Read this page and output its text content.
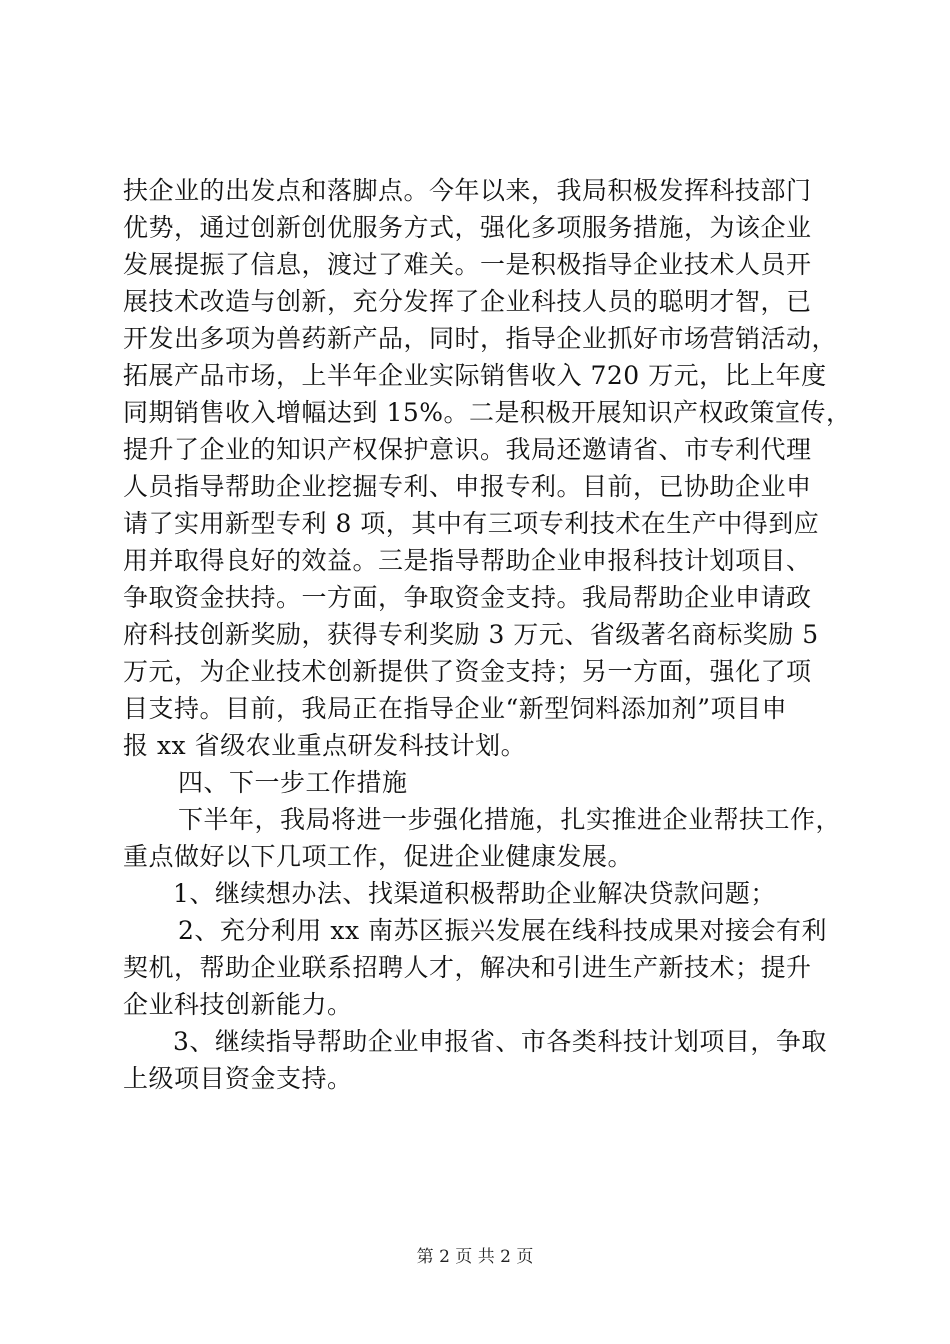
扶企业的出发点和落脚点。今年以来，我局积极发挥科技部门
优势，通过创新创优服务方式，强化多项服务措施，为该企业
发展提振了信息，渡过了难关。一是积极指导企业技术人员开
展技术改造与创新，充分发挥了企业科技人员的聪明才智，已
开发出多项为兽药新产品，同时，指导企业抓好市场营销活动，
拓展产品市场，上半年企业实际销售收入 720 万元，比上年度
同期销售收入增幅达到 15%。二是积极开展知识产权政策宣传，
提升了企业的知识产权保护意识。我局还邀请省、市专利代理
人员指导帮助企业挖掘专利、申报专利。目前，已协助企业申
请了实用新型专利 8 项，其中有三项专利技术在生产中得到应
用并取得良好的效益。三是指导帮助企业申报科技计划项目、
争取资金扶持。一方面，争取资金支持。我局帮助企业申请政
府科技创新奖励，获得专利奖励 3 万元、省级著名商标奖励 5
万元，为企业技术创新提供了资金支持；另一方面，强化了项
目支持。目前，我局正在指导企业“新型饲料添加剂”项目申
报 xx 省级农业重点研发科技计划。
四、下一步工作措施
下半年，我局将进一步强化措施，扎实推进企业帮扶工作，
重点做好以下几项工作，促进企业健康发展。
1、继续想办法、找渠道积极帮助企业解决贷款问题；
2、充分利用 xx 南苏区振兴发展在线科技成果对接会有利
契机，帮助企业联系招聘人才，解决和引进生产新技术；提升
企业科技创新能力。
3、继续指导帮助企业申报省、市各类科技计划项目，争取
上级项目资金支持。
第 2 页 共 2 页
